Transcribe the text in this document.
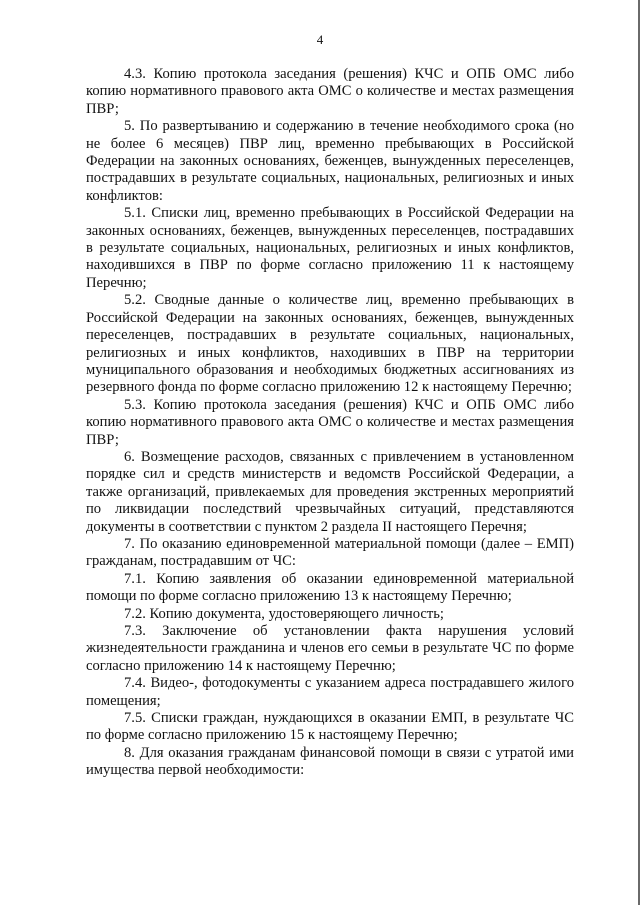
4

4.3. Копию протокола заседания (решения) КЧС и ОПБ ОМС либо копию нормативного правового акта ОМС о количестве и местах размещения ПВР;

5. По развертыванию и содержанию в течение необходимого срока (но не более 6 месяцев) ПВР лиц, временно пребывающих в Российской Федерации на законных основаниях, беженцев, вынужденных переселенцев, пострадавших в результате социальных, национальных, религиозных и иных конфликтов:

5.1. Списки лиц, временно пребывающих в Российской Федерации на законных основаниях, беженцев, вынужденных переселенцев, пострадавших в результате социальных, национальных, религиозных и иных конфликтов, находившихся в ПВР по форме согласно приложению 11 к настоящему Перечню;

5.2. Сводные данные о количестве лиц, временно пребывающих в Российской Федерации на законных основаниях, беженцев, вынужденных переселенцев, пострадавших в результате социальных, национальных, религиозных и иных конфликтов, находивших в ПВР на территории муниципального образования и необходимых бюджетных ассигнованиях из резервного фонда по форме согласно приложению 12 к настоящему Перечню;

5.3. Копию протокола заседания (решения) КЧС и ОПБ ОМС либо копию нормативного правового акта ОМС о количестве и местах размещения ПВР;

6. Возмещение расходов, связанных с привлечением в установленном порядке сил и средств министерств и ведомств Российской Федерации, а также организаций, привлекаемых для проведения экстренных мероприятий по ликвидации последствий чрезвычайных ситуаций, представляются документы в соответствии с пунктом 2 раздела II настоящего Перечня;

7. По оказанию единовременной материальной помощи (далее – ЕМП) гражданам, пострадавшим от ЧС:

7.1. Копию заявления об оказании единовременной материальной помощи по форме согласно приложению 13 к настоящему Перечню;

7.2. Копию документа, удостоверяющего личность;

7.3. Заключение об установлении факта нарушения условий жизнедеятельности гражданина и членов его семьи в результате ЧС по форме согласно приложению 14 к настоящему Перечню;

7.4. Видео-, фотодокументы с указанием адреса пострадавшего жилого помещения;

7.5. Списки граждан, нуждающихся в оказании ЕМП, в результате ЧС по форме согласно приложению 15 к настоящему Перечню;

8. Для оказания гражданам финансовой помощи в связи с утратой ими имущества первой необходимости:
